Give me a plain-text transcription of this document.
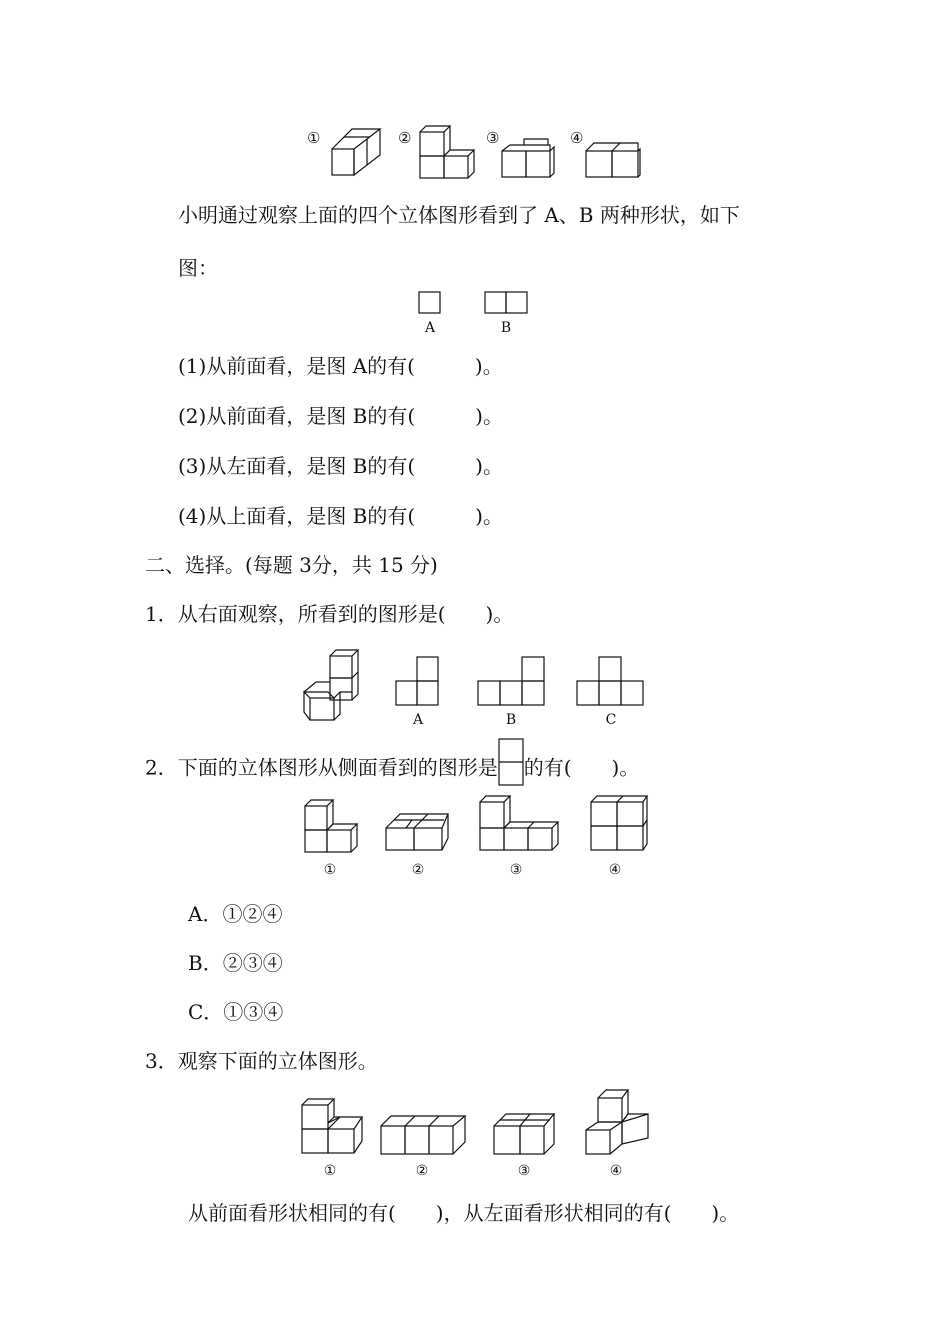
①	②	③	④
小明通过观察上面的四个立体图形看到了 A、B 两种形状，如下
图：
A	B
(1)从前面看，是图 A的有(　　　)。
(2)从前面看，是图 B的有(　　　)。
(3)从左面看，是图 B的有(　　　)。
(4)从上面看，是图 B的有(　　　)。
二、选择。(每题 3分，共 15 分)
1．从右面观察，所看到的图形是(　　)。
A	B	C
2．下面的立体图形从侧面看到的图形是 的有(　　)。
①	②	③	④
A．①②④
B．②③④
C．①③④
3．观察下面的立体图形。
①	②	③	④
从前面看形状相同的有(　　)，从左面看形状相同的有(　　)。
